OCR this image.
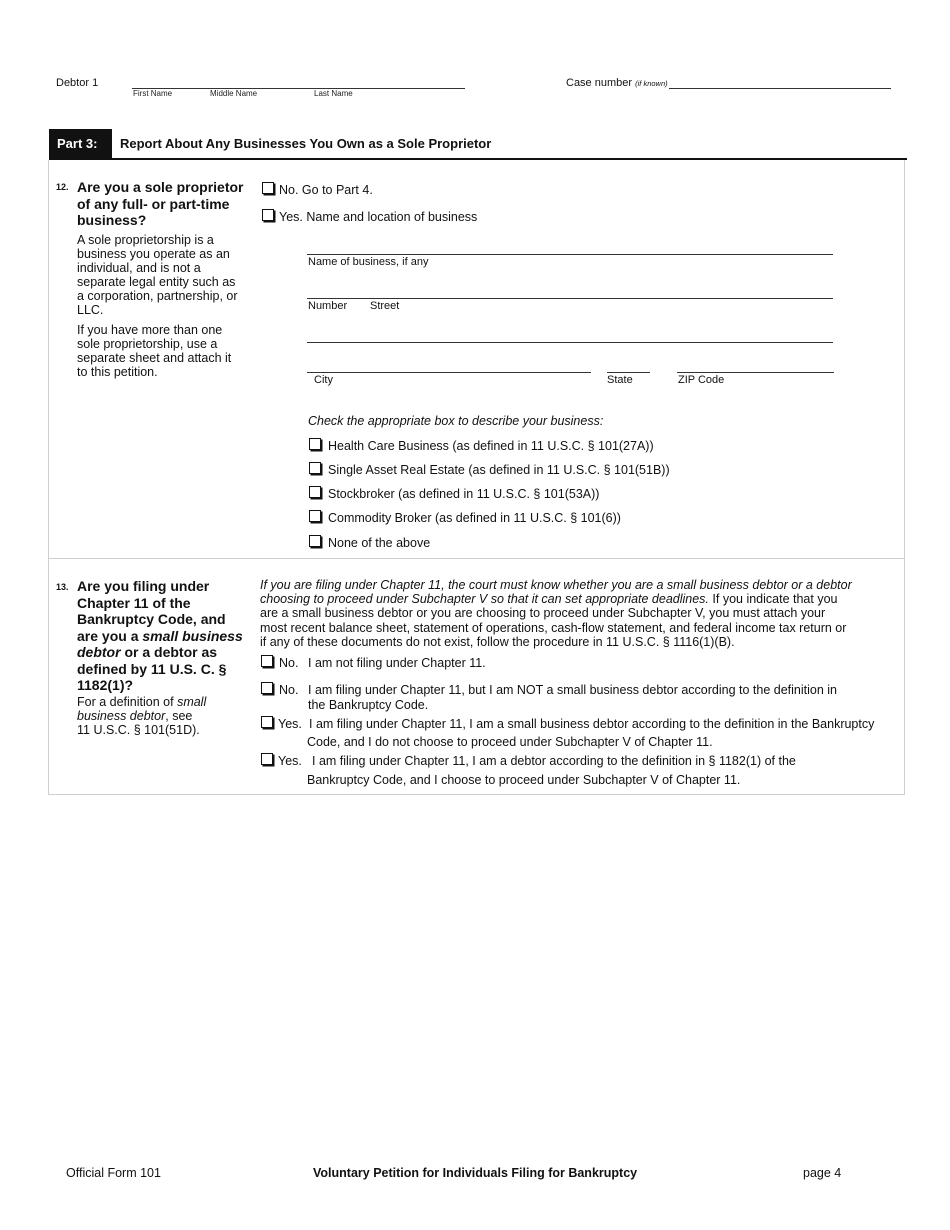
Debtor 1
First Name	Middle Name	Last Name
Case number (if known)
Part 3: Report About Any Businesses You Own as a Sole Proprietor
12. Are you a sole proprietor
of any full- or part-time
business?
A sole proprietorship is a
business you operate as an
individual, and is not a
separate legal entity such as
a corporation, partnership, or
LLC.
If you have more than one
sole proprietorship, use a
separate sheet and attach it
to this petition.
No. Go to Part 4.
Yes. Name and location of business
Name of business, if any
Number Street
City	State	ZIP Code
Check the appropriate box to describe your business:
Health Care Business (as defined in 11 U.S.C. § 101(27A))
Single Asset Real Estate (as defined in 11 U.S.C. § 101(51B))
Stockbroker (as defined in 11 U.S.C. § 101(53A))
Commodity Broker (as defined in 11 U.S.C. § 101(6))
None of the above
13. Are you filing under
Chapter 11 of the
Bankruptcy Code, and
are you a small business
debtor or a debtor as
defined by 11 U.S. C. §
1182(1)?
For a definition of small
business debtor, see
11 U.S.C. § 101(51D).
If you are filing under Chapter 11, the court must know whether you are a small business debtor or a debtor
choosing to proceed under Subchapter V so that it can set appropriate deadlines. If you indicate that you
are a small business debtor or you are choosing to proceed under Subchapter V, you must attach your
most recent balance sheet, statement of operations, cash-flow statement, and federal income tax return or
if any of these documents do not exist, follow the procedure in 11 U.S.C. § 1116(1)(B).
No. I am not filing under Chapter 11.
No. I am filing under Chapter 11, but I am NOT a small business debtor according to the definition in
the Bankruptcy Code.
Yes. I am filing under Chapter 11, I am a small business debtor according to the definition in the Bankruptcy
Code, and I do not choose to proceed under Subchapter V of Chapter 11.
Yes. I am filing under Chapter 11, I am a debtor according to the definition in § 1182(1) of the
Bankruptcy Code, and I choose to proceed under Subchapter V of Chapter 11.
Official Form 101	Voluntary Petition for Individuals Filing for Bankruptcy	page 4
